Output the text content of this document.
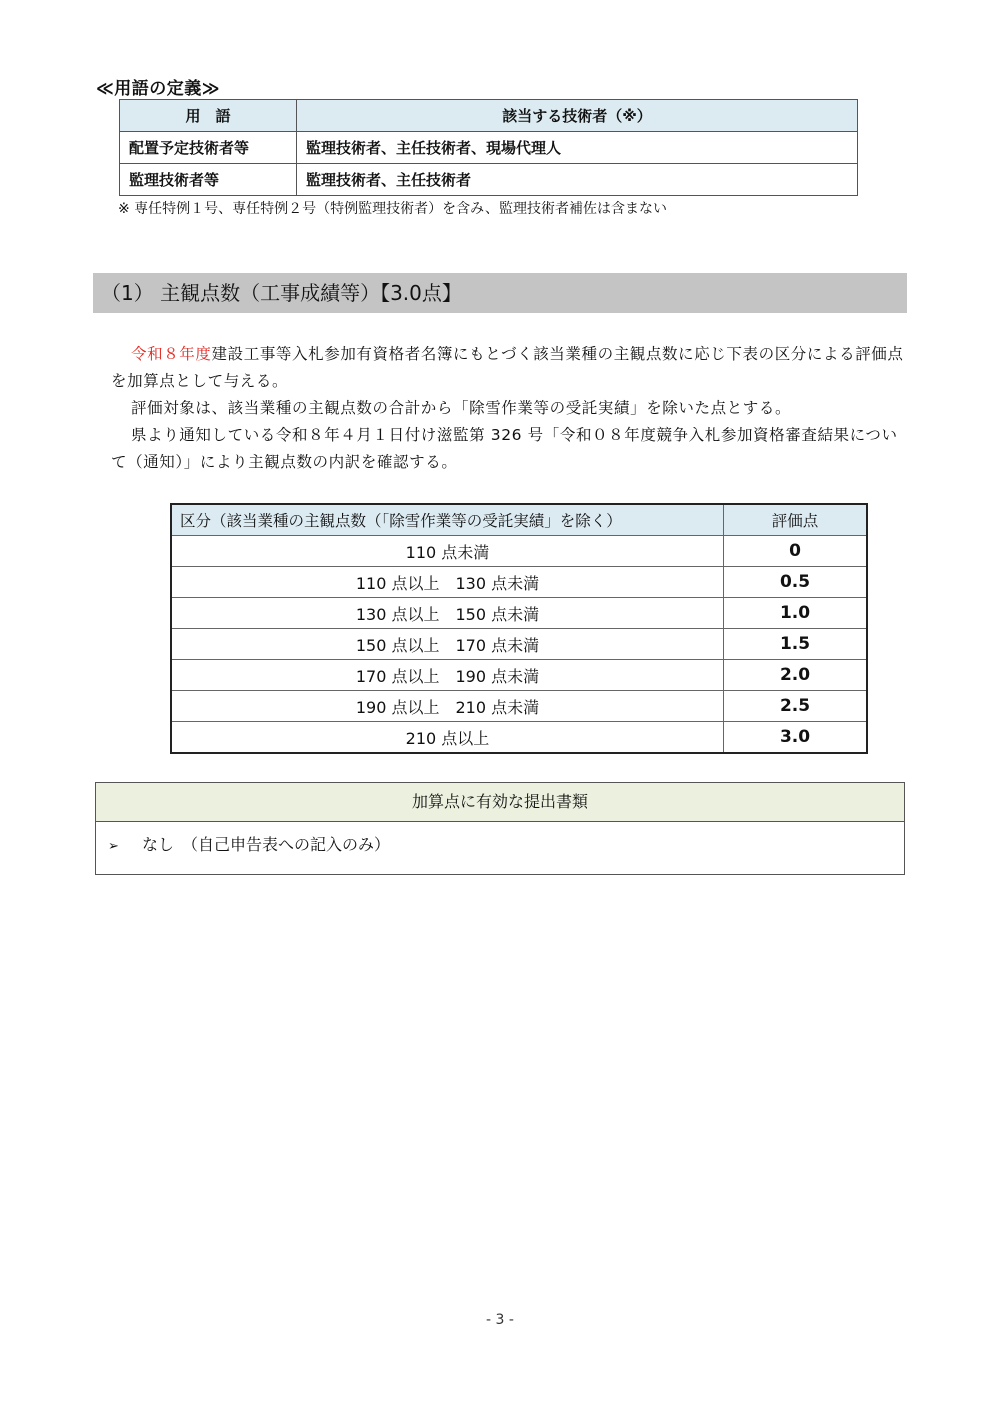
≪用語の定義≫
用　語	該当する技術者（※）
配置予定技術者等	監理技術者、主任技術者、現場代理人
監理技術者等	監理技術者、主任技術者
※ 専任特例１号、専任特例２号（特例監理技術者）を含み、監理技術者補佐は含まない
（1） 主観点数（工事成績等）【3.0点】

令和８年度建設工事等入札参加有資格者名簿にもとづく該当業種の主観点数に応じ下表の区分による評価点を加算点として与える。

評価対象は、該当業種の主観点数の合計から「除雪作業等の受託実績」を除いた点とする。

県より通知している令和８年４月１日付け滋監第 326 号「令和０８年度競争入札参加資格審査結果について（通知）」により主観点数の内訳を確認する。

区分（該当業種の主観点数（「除雪作業等の受託実績」を除く）	評価点
110 点未満	0
110 点以上　130 点未満	0.5
130 点以上　150 点未満	1.0
150 点以上　170 点未満	1.5
170 点以上　190 点未満	2.0
190 点以上　210 点未満	2.5
210 点以上	3.0
加算点に有効な提出書類
➢ なし　（自己申告表への記入のみ）
- 3 -
